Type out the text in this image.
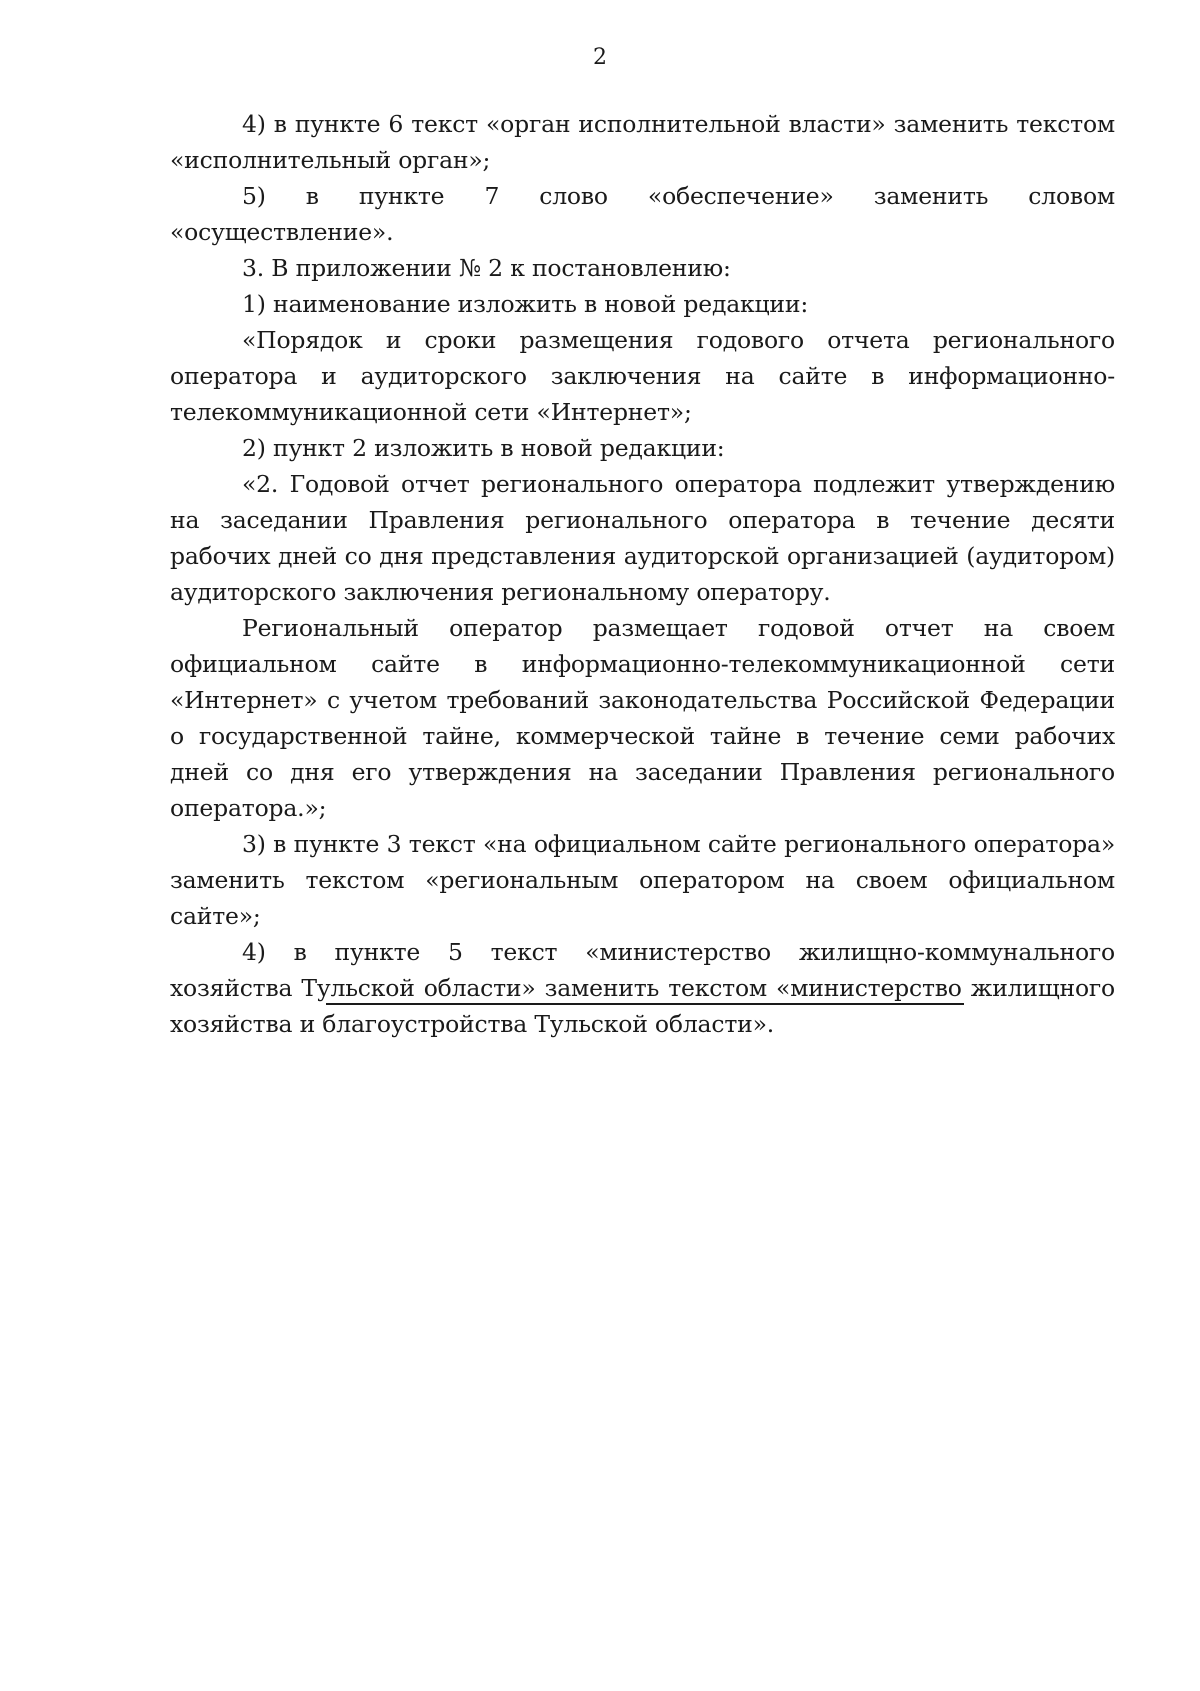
2

4) в пункте 6 текст «орган исполнительной власти» заменить текстом «исполнительный орган»;

5) в пункте 7 слово «обеспечение» заменить словом «осуществление».

3. В приложении № 2 к постановлению:

1) наименование изложить в новой редакции:

«Порядок и сроки размещения годового отчета регионального оператора и аудиторского заключения на сайте в информационно-телекоммуникационной сети «Интернет»;

2) пункт 2 изложить в новой редакции:

«2. Годовой отчет регионального оператора подлежит утверждению на заседании Правления регионального оператора в течение десяти рабочих дней со дня представления аудиторской организацией (аудитором) аудиторского заключения региональному оператору.

Региональный оператор размещает годовой отчет на своем официальном сайте в информационно-телекоммуникационной сети «Интернет» с учетом требований законодательства Российской Федерации о государственной тайне, коммерческой тайне в течение семи рабочих дней со дня его утверждения на заседании Правления регионального оператора.»;

3) в пункте 3 текст «на официальном сайте регионального оператора» заменить текстом «региональным оператором на своем официальном сайте»;

4) в пункте 5 текст «министерство жилищно-коммунального хозяйства Тульской области» заменить текстом «министерство жилищного хозяйства и благоустройства Тульской области».
